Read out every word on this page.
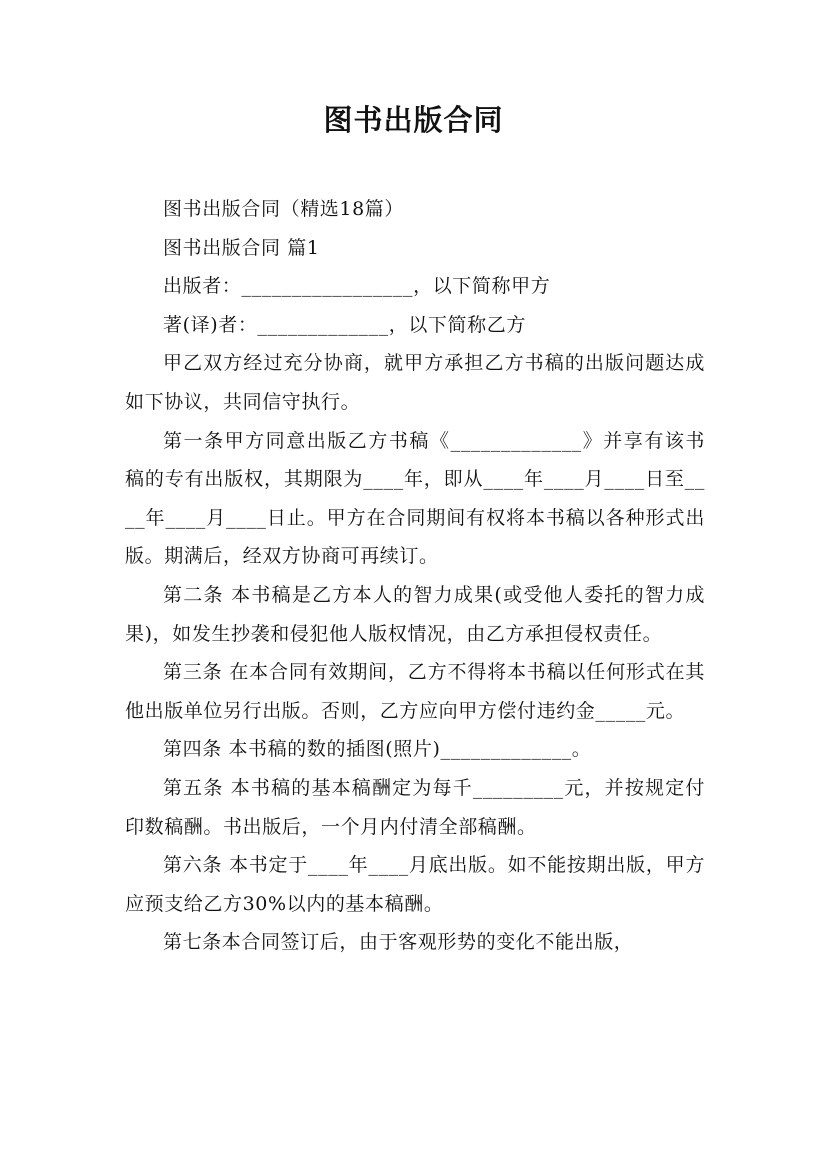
图书出版合同

图书出版合同（精选18篇）

图书出版合同 篇1

出版者：_________________，以下简称甲方

著(译)者：_____________，以下简称乙方

甲乙双方经过充分协商，就甲方承担乙方书稿的出版问题达成如下协议，共同信守执行。

第一条甲方同意出版乙方书稿《_____________》并享有该书稿的专有出版权，其期限为____年，即从____年____月____日至____年____月____日止。甲方在合同期间有权将本书稿以各种形式出版。期满后，经双方协商可再续订。

第二条 本书稿是乙方本人的智力成果(或受他人委托的智力成果)，如发生抄袭和侵犯他人版权情况，由乙方承担侵权责任。

第三条 在本合同有效期间，乙方不得将本书稿以任何形式在其他出版单位另行出版。否则，乙方应向甲方偿付违约金_____元。

第四条 本书稿的数的插图(照片)_____________。

第五条 本书稿的基本稿酬定为每千_________元，并按规定付印数稿酬。书出版后，一个月内付清全部稿酬。

第六条 本书定于____年____月底出版。如不能按期出版，甲方应预支给乙方30%以内的基本稿酬。

第七条本合同签订后，由于客观形势的变化不能出版，
